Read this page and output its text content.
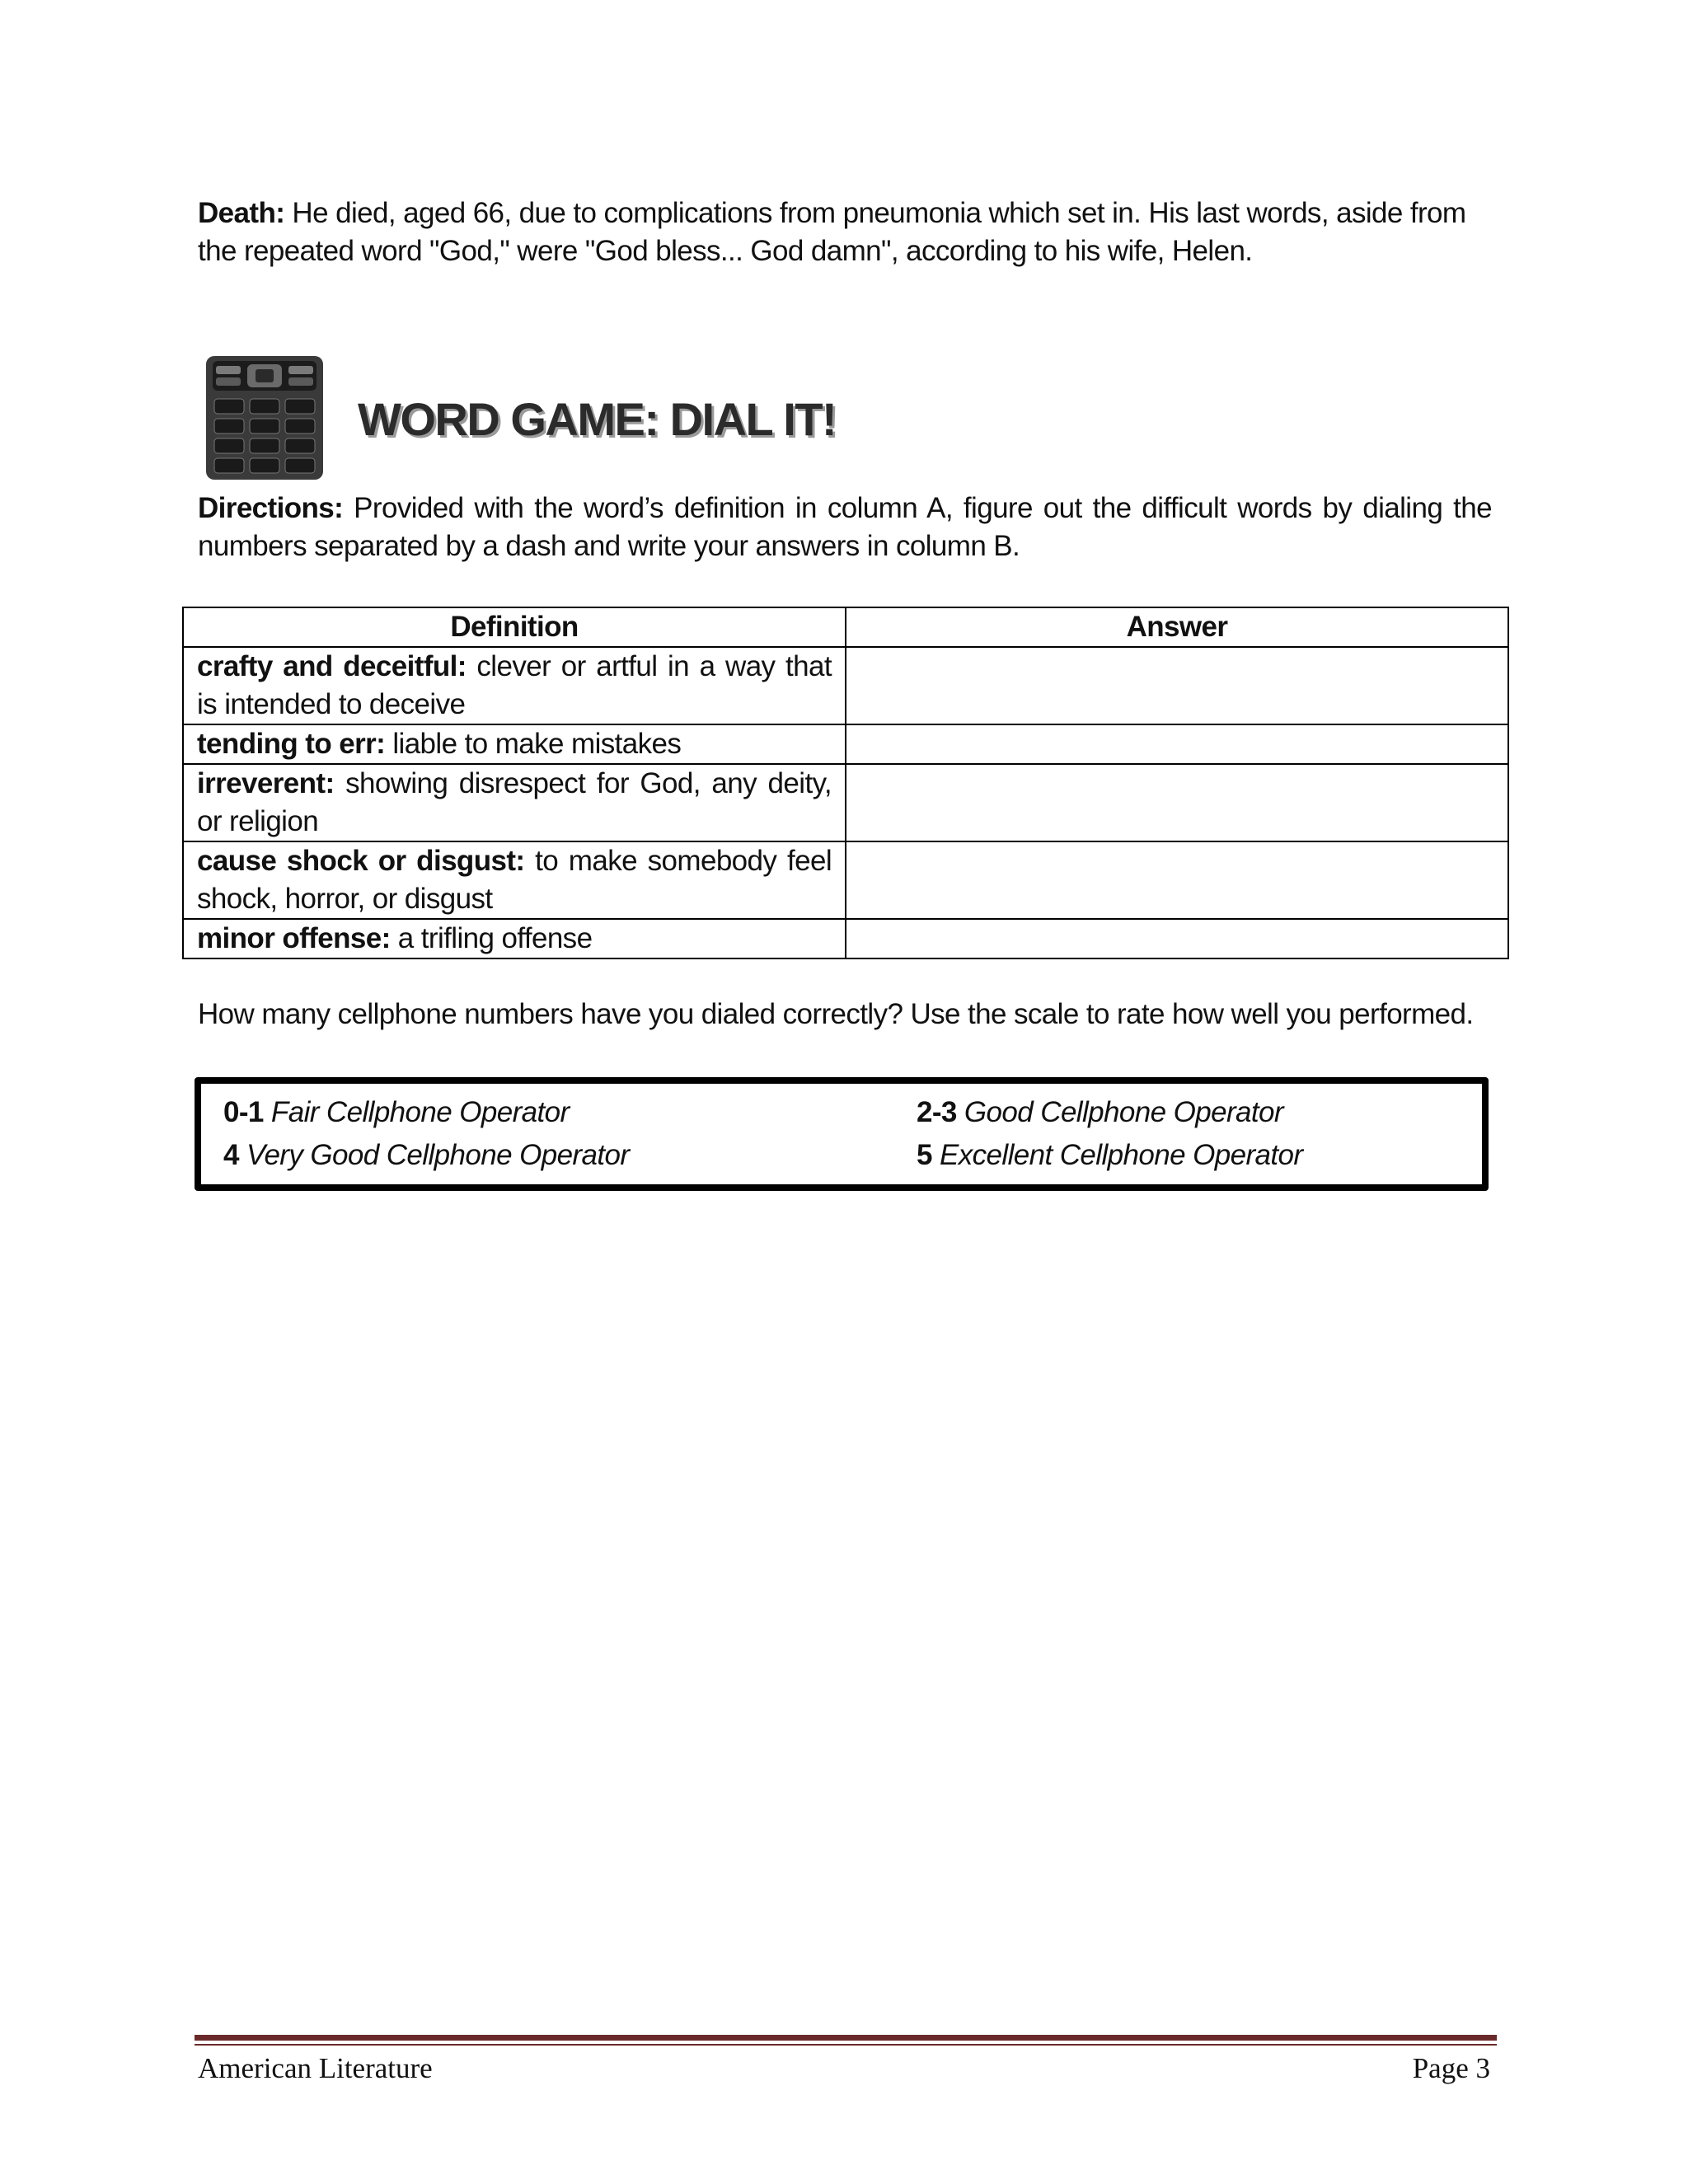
Death: He died, aged 66, due to complications from pneumonia which set in. His last words, aside from the repeated word "God," were "God bless... God damn", according to his wife, Helen.

WORD GAME: DIAL IT!

Directions: Provided with the word’s definition in column A, figure out the difficult words by dialing the numbers separated by a dash and write your answers in column B.

Definition	Answer
crafty and deceitful: clever or artful in a way that is intended to deceive	
tending to err: liable to make mistakes	
irreverent: showing disrespect for God, any deity, or religion	
cause shock or disgust: to make somebody feel shock, horror, or disgust	
minor offense: a trifling offense	

How many cellphone numbers have you dialed correctly? Use the scale to rate how well you performed.

0-1 Fair Cellphone Operator	2-3 Good Cellphone Operator
4 Very Good Cellphone Operator	5 Excellent Cellphone Operator
American Literature	Page 3
